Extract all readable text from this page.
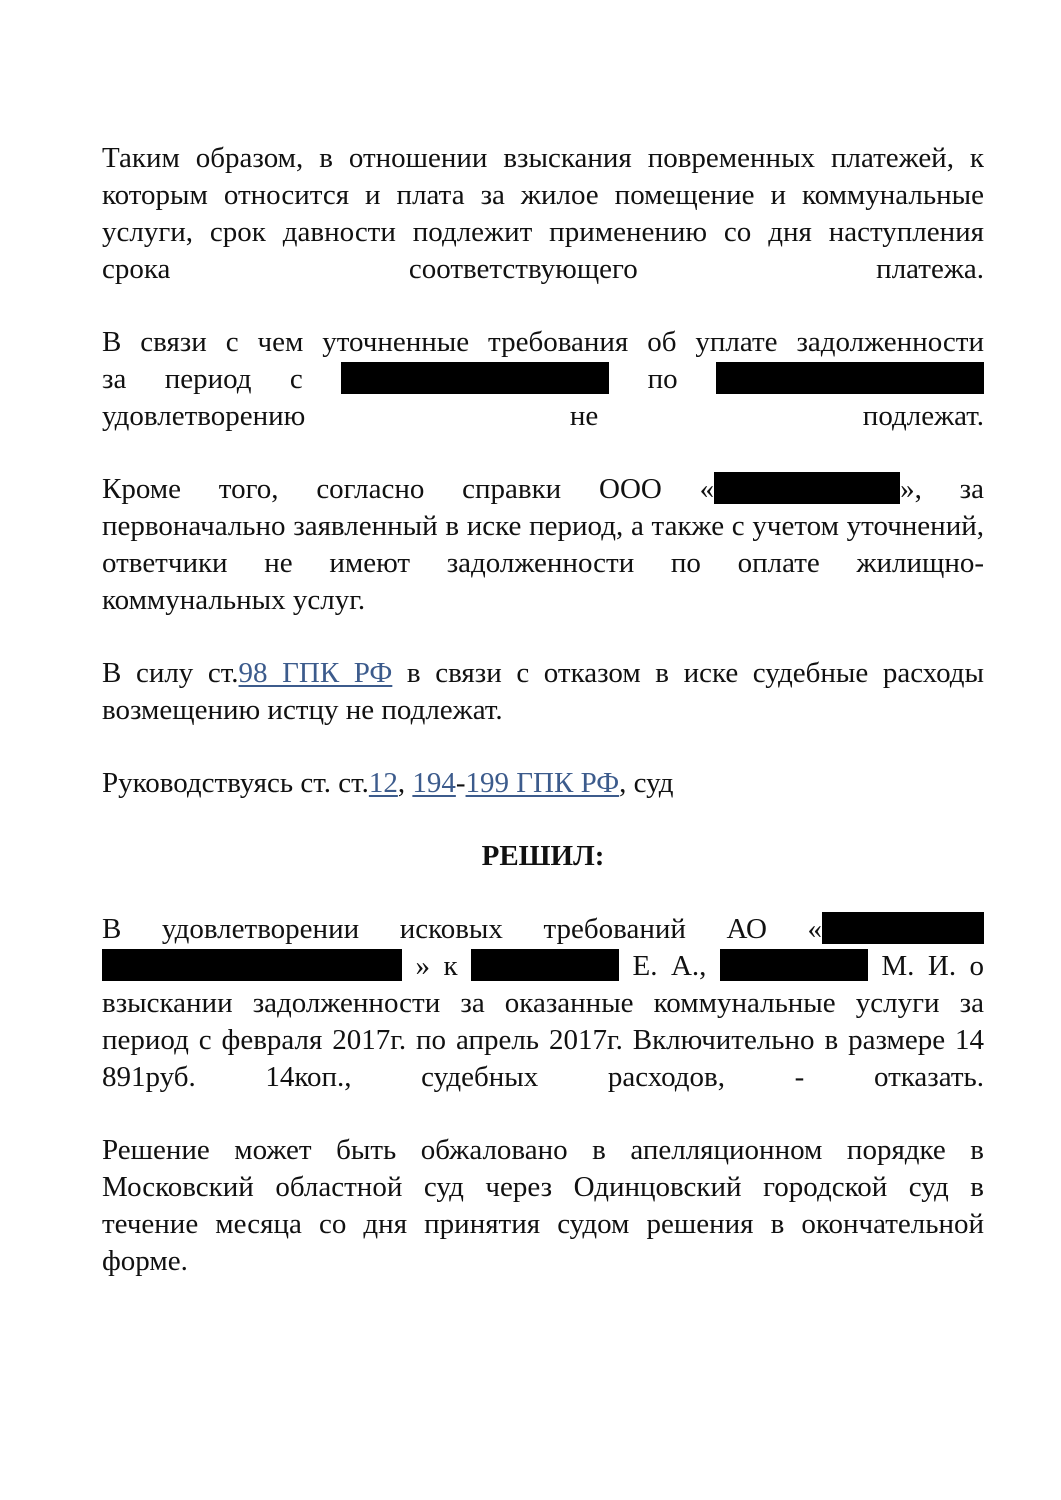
Таким образом, в отношении взыскания повременных платежей, к которым относится и плата за жилое помещение и коммунальные услуги, срок давности подлежит применению со дня наступления срока соответствующего платежа.

В связи с чем уточненные требования об уплате задолженности
за период с	по
удовлетворению не подлежат.

Кроме того, согласно справки ООО «	», за первоначально заявленный в иске период, а также с учетом уточнений, ответчики не имеют задолженности по оплате жилищно-коммунальных услуг.

В силу ст.98 ГПК РФ в связи с отказом в иске судебные расходы возмещению истцу не подлежат.

Руководствуясь ст. ст.12, 194-199 ГПК РФ, суд

РЕШИЛ:

В удовлетворении исковых требований АО «
» к	Е. А.,	М. И. о
взыскании задолженности за оказанные коммунальные услуги за период с февраля 2017г. по апрель 2017г. Включительно в размере 14 891руб. 14коп., судебных расходов, - отказать.

Решение может быть обжаловано в апелляционном порядке в Московский областной суд через Одинцовский городской суд в течение месяца со дня принятия судом решения в окончательной форме.
